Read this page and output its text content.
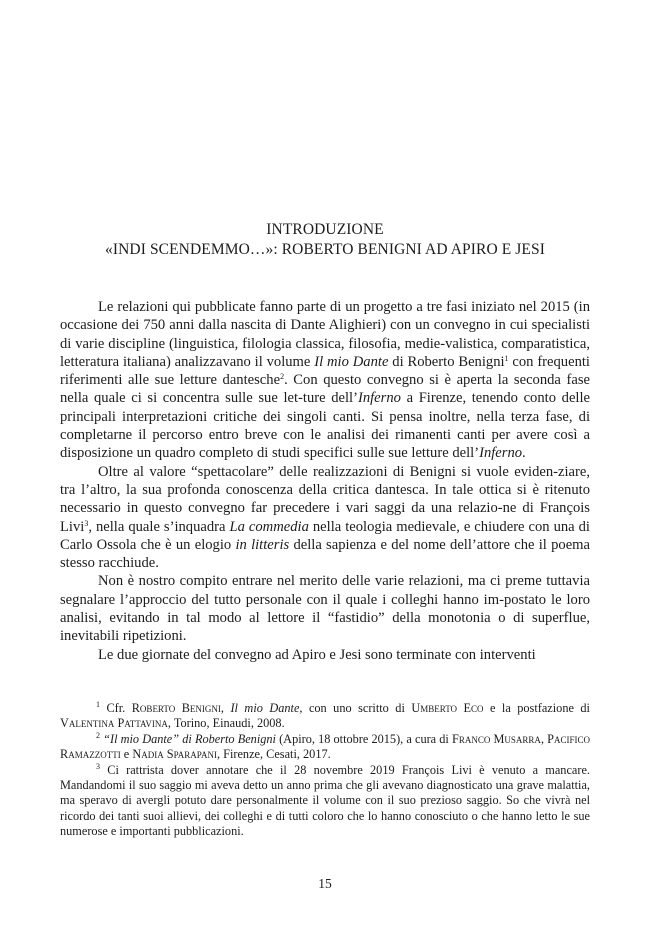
INTRODUZIONE
«INDI SCENDEMMO…»: ROBERTO BENIGNI AD APIRO E JESI

Le relazioni qui pubblicate fanno parte di un progetto a tre fasi iniziato nel 2015 (in occasione dei 750 anni dalla nascita di Dante Alighieri) con un convegno in cui specialisti di varie discipline (linguistica, filologia classica, filosofia, medie-valistica, comparatistica, letteratura italiana) analizzavano il volume Il mio Dante di Roberto Benigni$^1$ con frequenti riferimenti alle sue letture dantesche$^2$. Con questo convegno si è aperta la seconda fase nella quale ci si concentra sulle sue let-ture dell’Inferno a Firenze, tenendo conto delle principali interpretazioni critiche dei singoli canti. Si pensa inoltre, nella terza fase, di completarne il percorso entro breve con le analisi dei rimanenti canti per avere così a disposizione un quadro completo di studi specifici sulle sue letture dell’Inferno.

Oltre al valore “spettacolare” delle realizzazioni di Benigni si vuole eviden-ziare, tra l’altro, la sua profonda conoscenza della critica dantesca. In tale ottica si è ritenuto necessario in questo convegno far precedere i vari saggi da una relazio-ne di François Livi$^3$, nella quale s’inquadra La commedia nella teologia medievale, e chiudere con una di Carlo Ossola che è un elogio in litteris della sapienza e del nome dell’attore che il poema stesso racchiude.

Non è nostro compito entrare nel merito delle varie relazioni, ma ci preme tuttavia segnalare l’approccio del tutto personale con il quale i colleghi hanno im-postato le loro analisi, evitando in tal modo al lettore il “fastidio” della monotonia o di superflue, inevitabili ripetizioni.

Le due giornate del convegno ad Apiro e Jesi sono terminate con interventi

$^1$ Cfr. Roberto Benigni, Il mio Dante, con uno scritto di Umberto Eco e la postfazione di Valentina Pattavina, Torino, Einaudi, 2008.

$^2$ “Il mio Dante” di Roberto Benigni (Apiro, 18 ottobre 2015), a cura di Franco Musarra, Pacifico Ramazzotti e Nadia Sparapani, Firenze, Cesati, 2017.

$^3$ Ci rattrista dover annotare che il 28 novembre 2019 François Livi è venuto a mancare. Mandandomi il suo saggio mi aveva detto un anno prima che gli avevano diagnosticato una grave malattia, ma speravo di avergli potuto dare personalmente il volume con il suo prezioso saggio. So che vivrà nel ricordo dei tanti suoi allievi, dei colleghi e di tutti coloro che lo hanno conosciuto o che hanno letto le sue numerose e importanti pubblicazioni.

15
